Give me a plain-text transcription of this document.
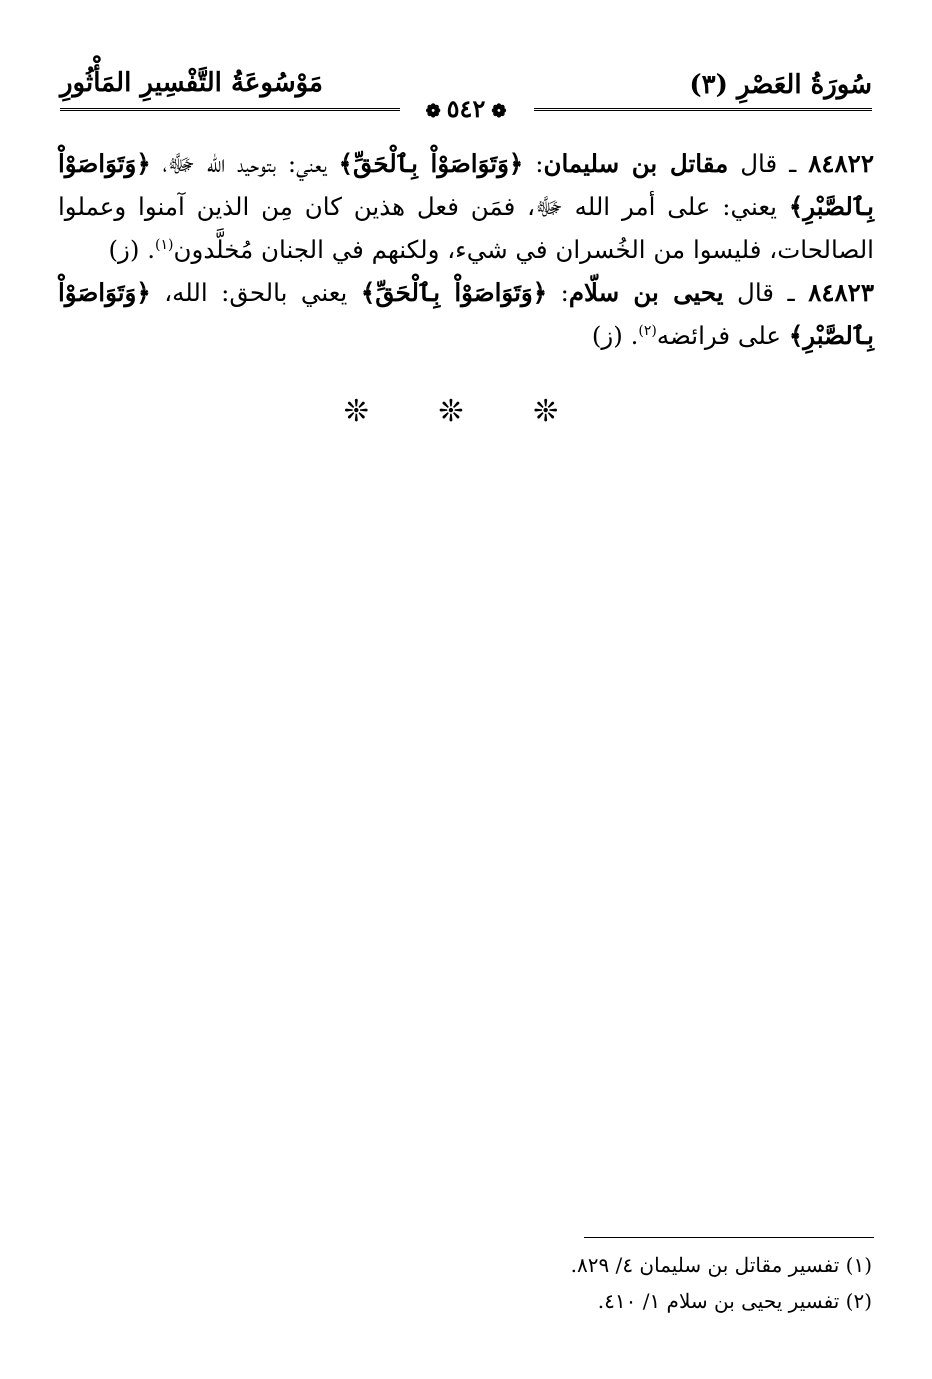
سُورَةُ العَصْرِ (٣)
مَوْسُوعَةُ التَّفْسِيرِ المَأْثُورِ
❁٥٤٢❁

٨٤٨٢٢ ـ قال مقاتل بن سليمان: ﴿وَتَوَاصَوْاْ بِٱلْحَقِّ﴾ يعني: بتوحيد الله ﷻ، ﴿وَتَوَاصَوْاْ بِٱلصَّبْرِ﴾ يعني: على أمر الله ﷻ، فمَن فعل هذين كان مِن الذين آمنوا وعملوا الصالحات، فليسوا من الخُسران في شيء، ولكنهم في الجنان مُخلَّدون$^{(١)}$. (ز)

٨٤٨٢٣ ـ قال يحيى بن سلّام: ﴿وَتَوَاصَوْاْ بِٱلْحَقِّ﴾ يعني بالحق: الله، ﴿وَتَوَاصَوْاْ بِٱلصَّبْرِ﴾ على فرائضه$^{(٢)}$. (ز)

❊ ❊ ❊

(١) تفسير مقاتل بن سليمان ٤/ ٨٢٩.

(٢) تفسير يحيى بن سلام ١/ ٤١٠.
